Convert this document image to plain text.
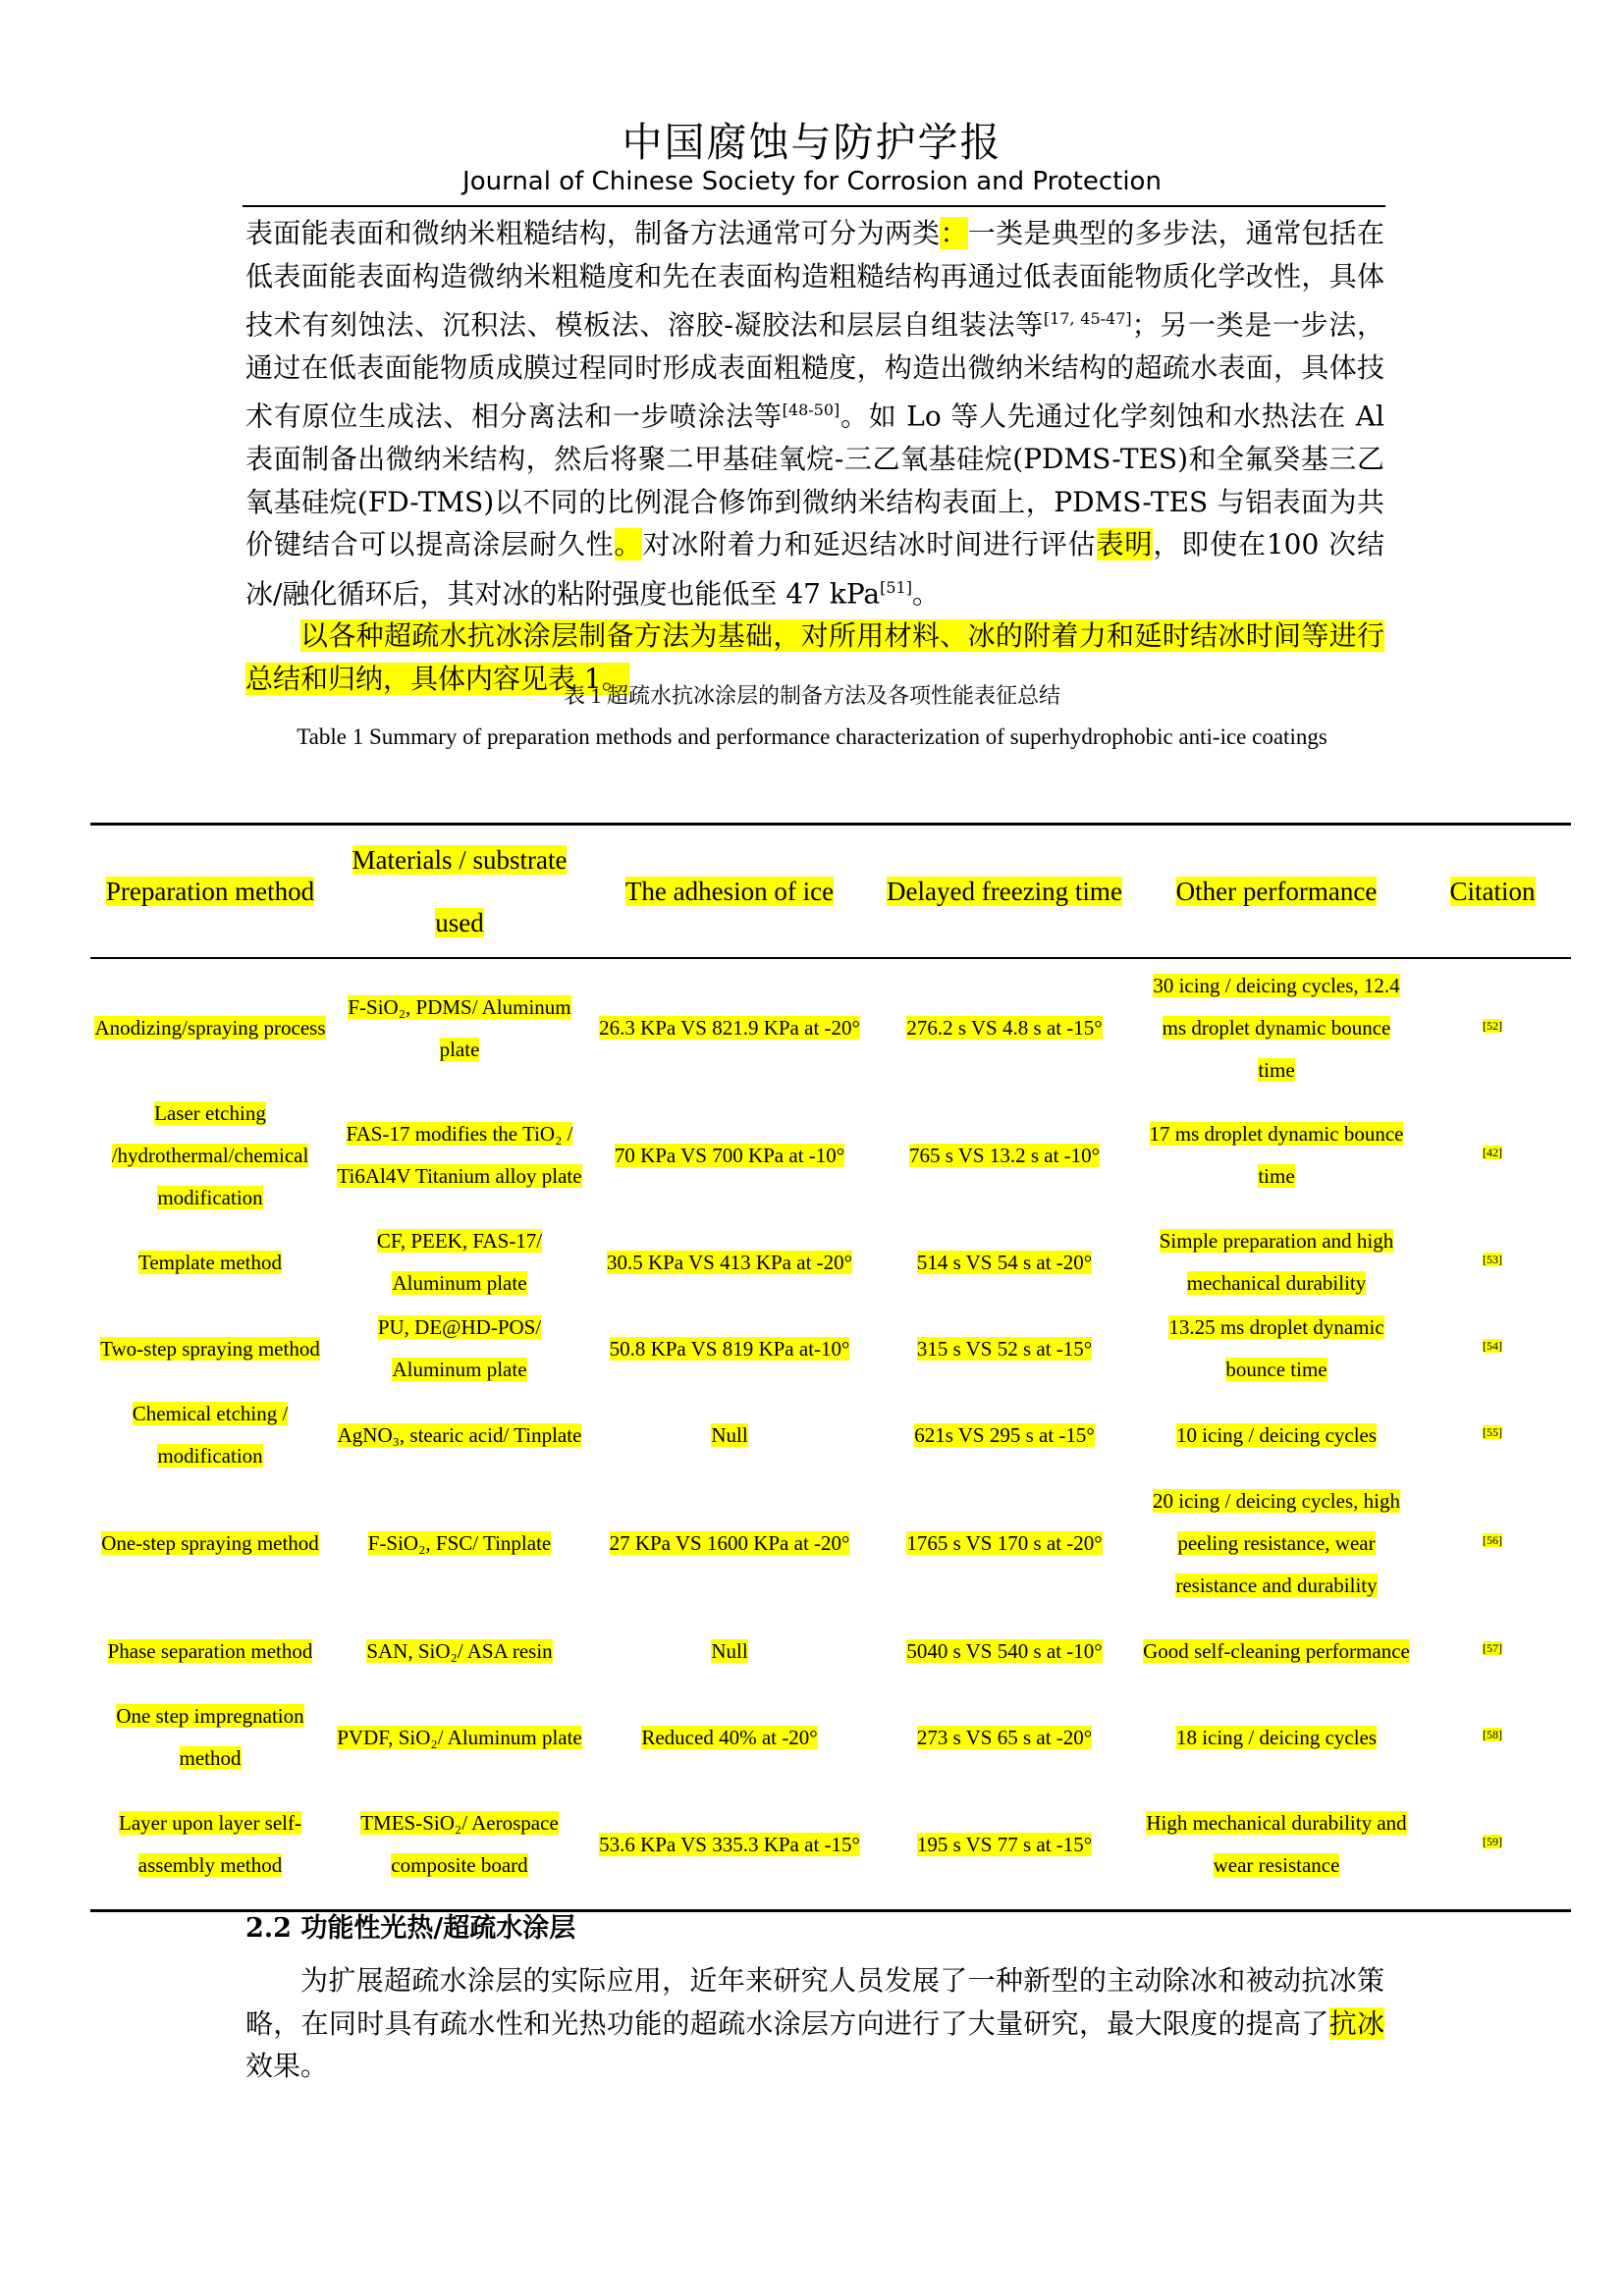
中国腐蚀与防护学报
Journal of Chinese Society for Corrosion and Protection

表面能表面和微纳米粗糙结构，制备方法通常可分为两类：一类是典型的多步法，通常包括在低表面能表面构造微纳米粗糙度和先在表面构造粗糙结构再通过低表面能物质化学改性，具体技术有刻蚀法、沉积法、模板法、溶胶-凝胶法和层层自组装法等[17, 45-47]；另一类是一步法，通过在低表面能物质成膜过程同时形成表面粗糙度，构造出微纳米结构的超疏水表面，具体技术有原位生成法、相分离法和一步喷涂法等[48-50]。如 Lo 等人先通过化学刻蚀和水热法在 Al 表面制备出微纳米结构，然后将聚二甲基硅氧烷-三乙氧基硅烷(PDMS-TES)和全氟癸基三乙氧基硅烷(FD-TMS)以不同的比例混合修饰到微纳米结构表面上，PDMS-TES 与铝表面为共价键结合可以提高涂层耐久性。对冰附着力和延迟结冰时间进行评估表明，即使在100 次结冰/融化循环后，其对冰的粘附强度也能低至 47 kPa[51]。

以各种超疏水抗冰涂层制备方法为基础，对所用材料、冰的附着力和延时结冰时间等进行总结和归纳，具体内容见表 1。

表 1 超疏水抗冰涂层的制备方法及各项性能表征总结
Table 1 Summary of preparation methods and performance characterization of superhydrophobic anti-ice coatings
Preparation method	Materials / substrate used	The adhesion of ice	Delayed freezing time	Other performance	Citation
Anodizing/spraying process	F-SiO₂, PDMS/ Aluminum plate	26.3 KPa VS 821.9 KPa at -20°	276.2 s VS 4.8 s at -15°	30 icing / deicing cycles, 12.4 ms droplet dynamic bounce time	[52]
Laser etching /hydrothermal/chemical modification	FAS-17 modifies the TiO₂ / Ti6Al4V Titanium alloy plate	70 KPa VS 700 KPa at -10°	765 s VS 13.2 s at -10°	17 ms droplet dynamic bounce time	[42]
Template method	CF, PEEK, FAS-17/ Aluminum plate	30.5 KPa VS 413 KPa at -20°	514 s VS 54 s at -20°	Simple preparation and high mechanical durability	[53]
Two-step spraying method	PU, DE@HD-POS/ Aluminum plate	50.8 KPa VS 819 KPa at-10°	315 s VS 52 s at -15°	13.25 ms droplet dynamic bounce time	[54]
Chemical etching / modification	AgNO₃, stearic acid/ Tinplate	Null	621s VS 295 s at -15°	10 icing / deicing cycles	[55]
One-step spraying method	F-SiO₂, FSC/ Tinplate	27 KPa VS 1600 KPa at -20°	1765 s VS 170 s at -20°	20 icing / deicing cycles, high peeling resistance, wear resistance and durability	[56]
Phase separation method	SAN, SiO₂/ ASA resin	Null	5040 s VS 540 s at -10°	Good self-cleaning performance	[57]
One step impregnation method	PVDF, SiO₂/ Aluminum plate	Reduced 40% at -20°	273 s VS 65 s at -20°	18 icing / deicing cycles	[58]
Layer upon layer self-assembly method	TMES-SiO₂/ Aerospace composite board	53.6 KPa VS 335.3 KPa at -15°	195 s VS 77 s at -15°	High mechanical durability and wear resistance	[59]
2.2 功能性光热/超疏水涂层

为扩展超疏水涂层的实际应用，近年来研究人员发展了一种新型的主动除冰和被动抗冰策略，在同时具有疏水性和光热功能的超疏水涂层方向进行了大量研究，最大限度的提高了抗冰效果。
